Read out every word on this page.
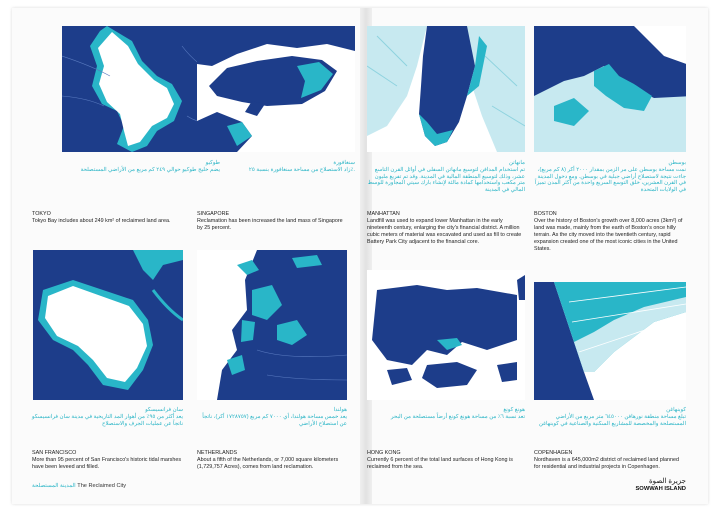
طوكيو
يضم خليج طوكيو حوالي ٢٤٩ كم مربع من الأراضي المستصلحة
TOKYO
Tokyo Bay includes about 249 km² of reclaimed land area.
سنغافورة
زاد الاستصلاح من مساحة سنغافورة بنسبة ٢٥٪.
SINGAPORE
Reclamation has been increased the land mass of Singapore by 25 percent.
مانهاتن
تم استخدام المدافن لتوسيع مانهاتن السفلى في أوائل القرن التاسع عشر، وذلك لتوسيع المنطقة المالية في المدينة. وقد تم تفريغ مليون متر مكعب واستخدامها كمادة مالئة لإنشاء بارك سيتي المجاورة للوسط المالي في المدينة
MANHATTAN
Landfill was used to expand lower Manhattan in the early nineteenth century, enlarging the city's financial district. A million cubic meters of material was excavated and used as fill to create Battery Park City adjacent to the financial core.
بوسطن
نمت مساحة بوسطن على مر الزمن بمقدار ٢٠٠٠ أكر (٨ كم مربع)، جاءت نتيجة لاستصلاح أراضي جبلية في بوسطن. ومع دخول المدينة في القرن العشرين، خلق التوسع السريع واحدة من أكثر المدن تميزاً في الولايات المتحدة
BOSTON
Over the history of Boston's growth over 8,000 acres (3km²) of land was made, mainly from the earth of Boston's once hilly terrain. As the city moved into the twentieth century, rapid expansion created one of the most iconic cities in the United States.
سان فرانسيسكو
يعد أكثر من ٩٥٪ من أهوار المد التاريخية في مدينة سان فرانسيسكو ناتجاً عن عمليات الجرف والاستصلاح
SAN FRANCISCO
More than 95 percent of San Francisco's historic tidal marshes have been leveed and filled.
هولندا
يعد خمس مساحة هولندا، أي ٧٠٠٠ كم مربع (١٧٢٨٧٥٧ أكر)، ناتجاً عن استصلاح الأراضي
NETHERLANDS
About a fifth of the Netherlands, or 7,000 square kilometers (1,729,757 Acres), comes from land reclamation.
هونغ كونغ
تعد نسبة ٦٪ من مساحة هونغ كونغ أرضاً مستصلحة من البحر
HONG KONG
Currently 6 percent of the total land surfaces of Hong Kong is reclaimed from the sea.
كوبنهاغن
تبلغ مساحة منطقة نورهافن ٦٤٥٠٠٠ متر مربع من الأراضي المستصلحة والمخصصة للمشاريع السكنية والصناعية في كوبنهاغن
COPENHAGEN
Nordhaven is a 645,000m2 district of reclaimed land planned for residential and industrial projects in Copenhagen.
المدينة المستصلحة The Reclaimed City
جزيرة الصوة
SOWWAH ISLAND
